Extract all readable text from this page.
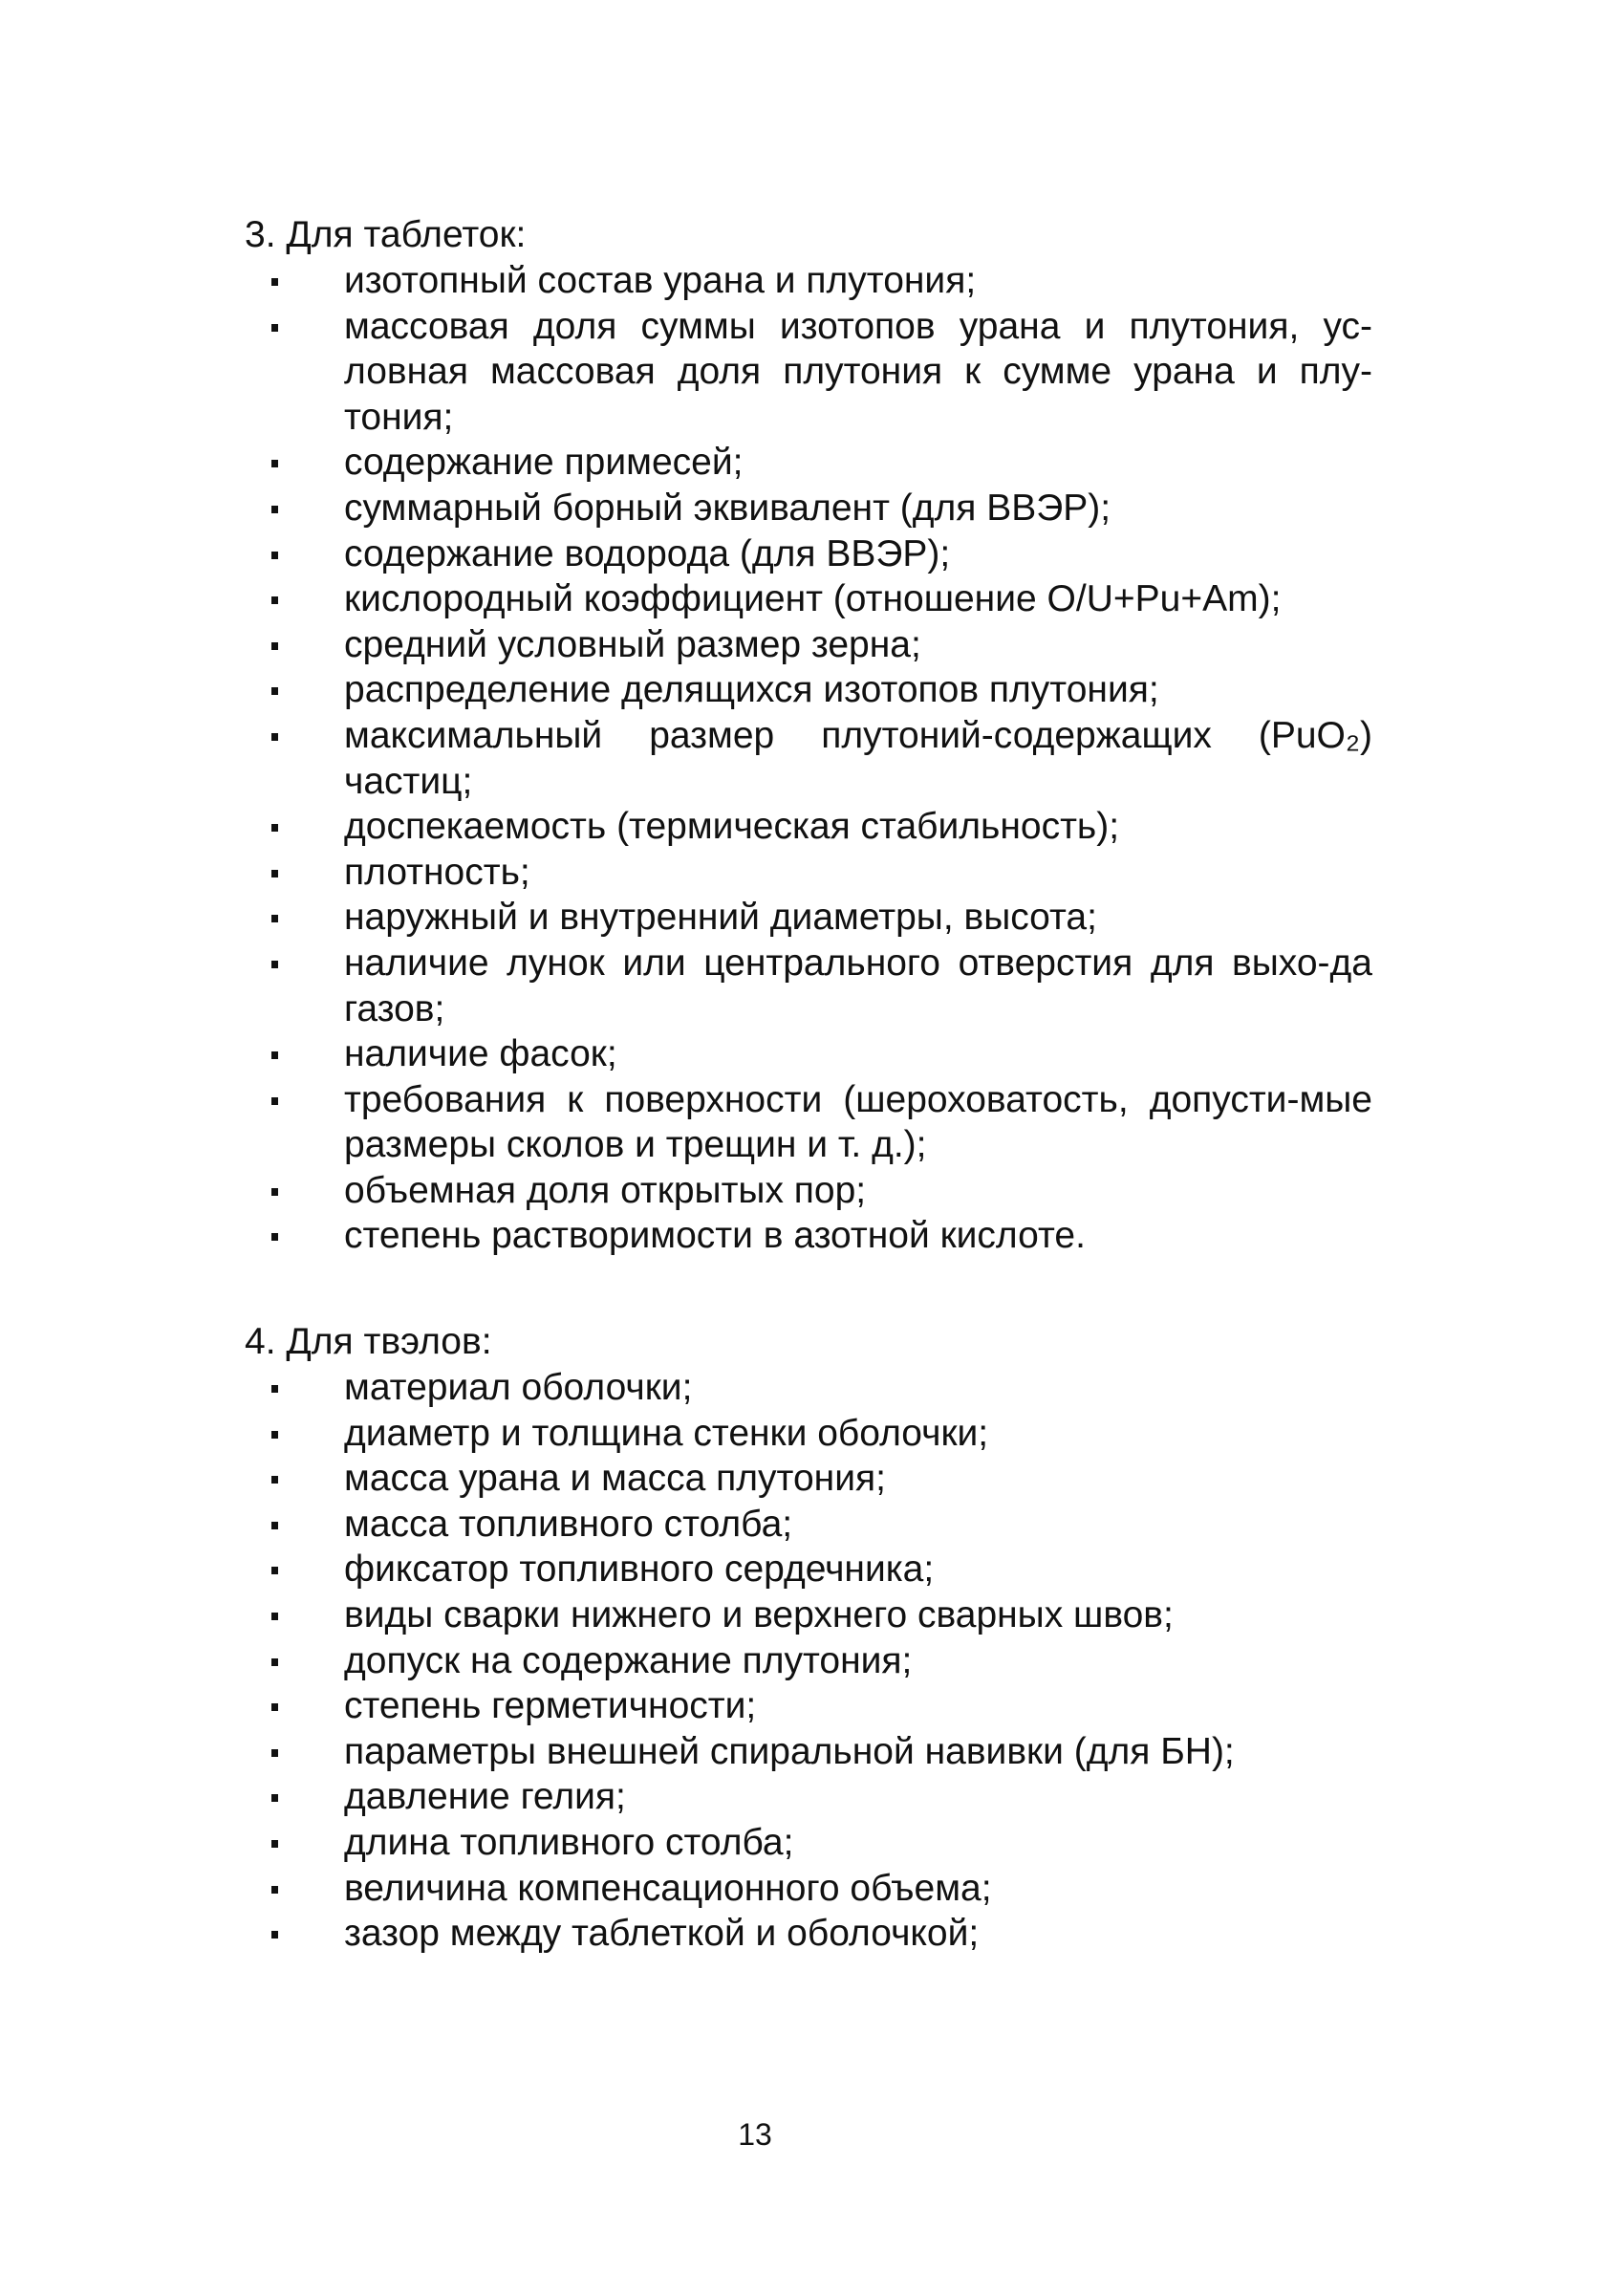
3. Для таблеток:
изотопный состав урана и плутония;
массовая доля суммы изотопов урана и плутония, ус-ловная массовая доля плутония к сумме урана и плу-тония;
содержание примесей;
суммарный борный эквивалент (для ВВЭР);
содержание водорода (для ВВЭР);
кислородный коэффициент (отношение O/U+Pu+Am);
средний условный размер зерна;
распределение делящихся изотопов плутония;
максимальный размер плутоний-содержащих (PuO₂) частиц;
доспекаемость (термическая стабильность);
плотность;
наружный и внутренний диаметры, высота;
наличие лунок или центрального отверстия для выхо-да газов;
наличие фасок;
требования к поверхности (шероховатость, допусти-мые размеры сколов и трещин и т. д.);
объемная доля открытых пор;
степень растворимости в азотной кислоте.
4. Для твэлов:
материал оболочки;
диаметр и толщина стенки оболочки;
масса урана и масса плутония;
масса топливного столба;
фиксатор топливного сердечника;
виды сварки нижнего и верхнего сварных швов;
допуск на содержание плутония;
степень герметичности;
параметры внешней спиральной навивки (для БН);
давление гелия;
длина топливного столба;
величина компенсационного объема;
зазор между таблеткой и оболочкой;
13
